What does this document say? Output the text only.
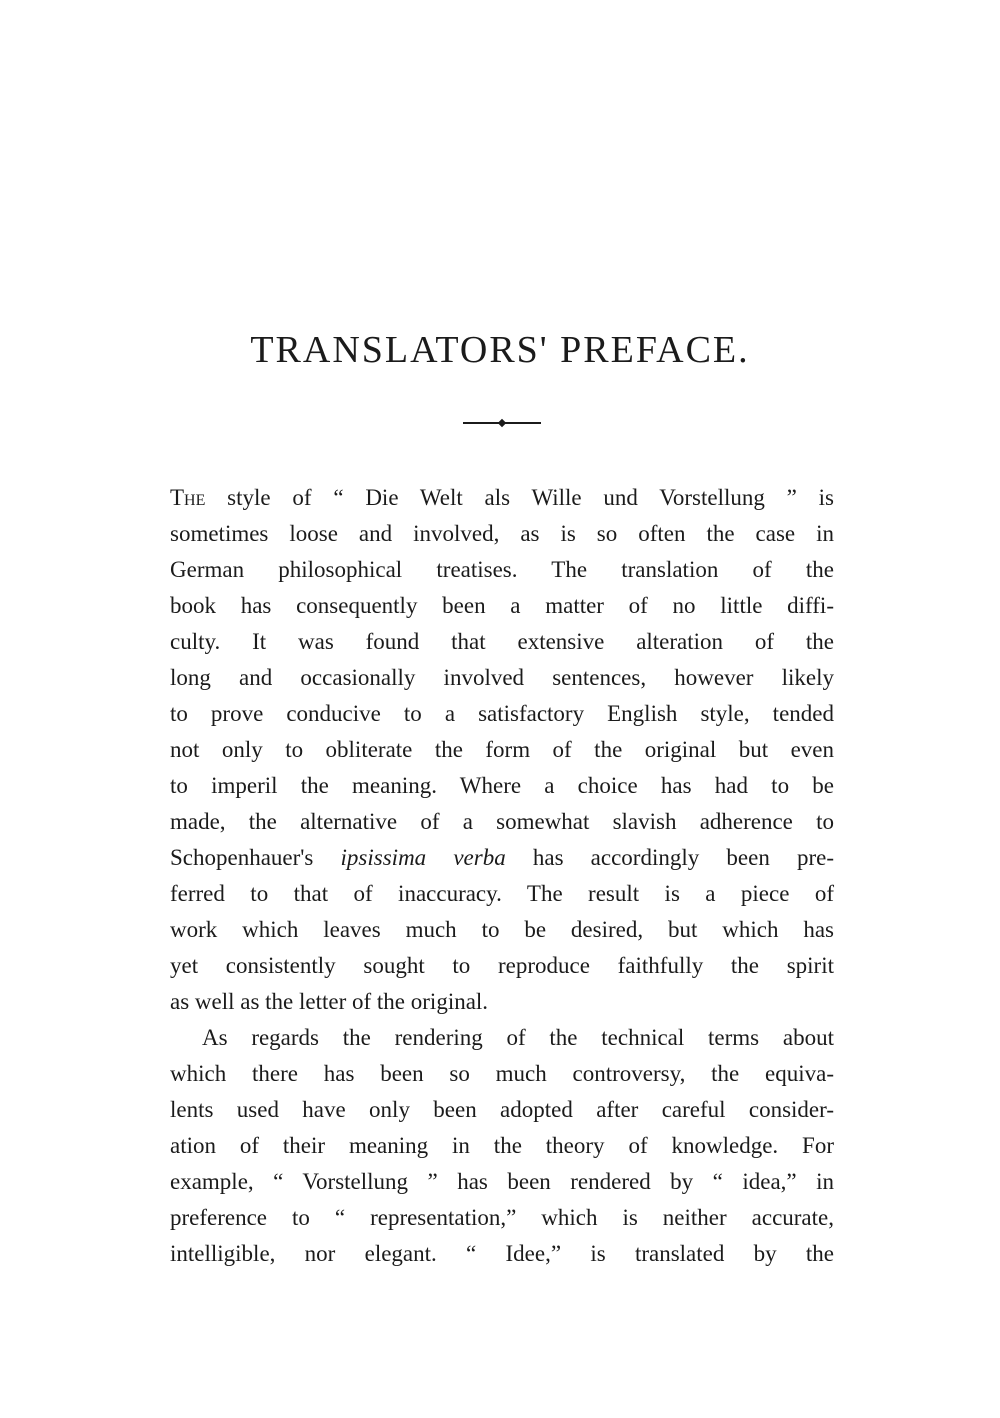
TRANSLATORS' PREFACE.
The style of “ Die Welt als Wille und Vorstellung ” is
sometimes loose and involved, as is so often the case in
German philosophical treatises. The translation of the
book has consequently been a matter of no little diffi-
culty. It was found that extensive alteration of the
long and occasionally involved sentences, however likely
to prove conducive to a satisfactory English style, tended
not only to obliterate the form of the original but even
to imperil the meaning. Where a choice has had to be
made, the alternative of a somewhat slavish adherence to
Schopenhauer's ipsissima verba has accordingly been pre-
ferred to that of inaccuracy. The result is a piece of
work which leaves much to be desired, but which has
yet consistently sought to reproduce faithfully the spirit
as well as the letter of the original.
As regards the rendering of the technical terms about
which there has been so much controversy, the equiva-
lents used have only been adopted after careful consider-
ation of their meaning in the theory of knowledge. For
example, “ Vorstellung ” has been rendered by “ idea,” in
preference to “ representation,” which is neither accurate,
intelligible, nor elegant. “ Idee,” is translated by the
